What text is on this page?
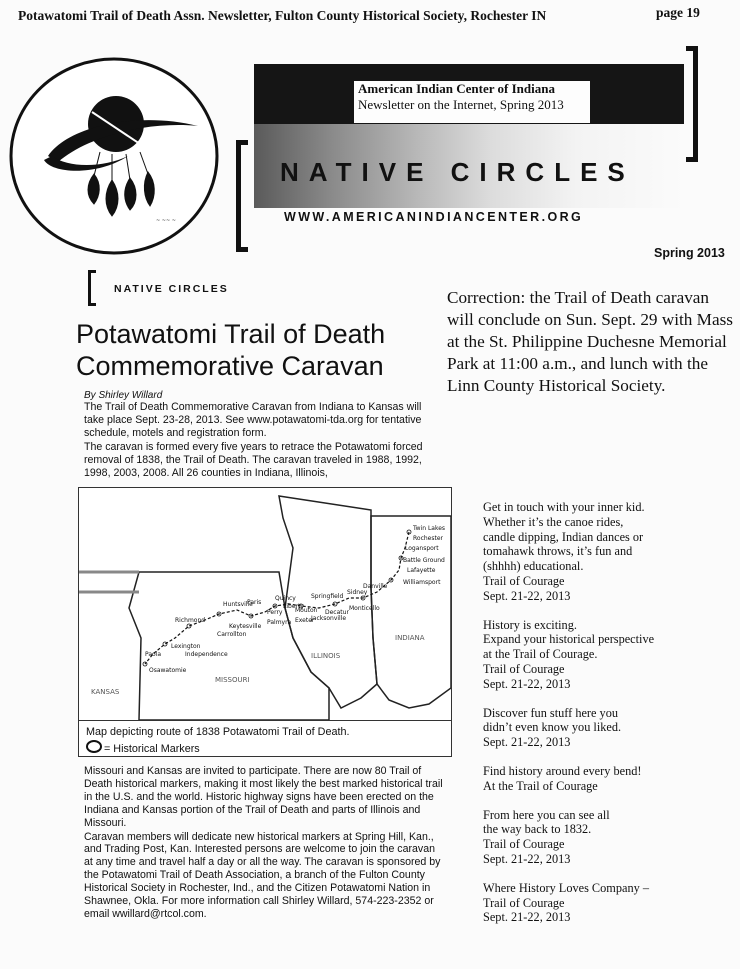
Potawatomi Trail of Death Assn. Newsletter, Fulton County Historical Society, Rochester IN	page 19
~ ~~ ~
American Indian Center of Indiana
Newsletter on the Internet, Spring 2013
NATIVE CIRCLES
WWW.AMERICANINDIANCENTER.ORG
Spring 2013
NATIVE CIRCLES
Potawatomi Trail of Death
Commemorative Caravan
By Shirley Willard

The Trail of Death Commemorative Caravan from Indiana to Kansas will take place Sept. 23-28, 2013. See www.potawatomi-tda.org for tentative schedule, motels and registration form.

The caravan is formed every five years to retrace the Potawatomi forced removal of 1838, the Trail of Death. The caravan traveled in 1988, 1992, 1998, 2003, 2008. All 26 counties in Indiana, Illinois,

Twin Lakes
Rochester
Logansport
Battle Ground
Lafayette
Williamsport
Danville
Sidney
Springfield
Monticello
Decatur
Jacksonville
Quincy
Liberty
Mouton
Perry
Exeter
Paris
Huntsville
Palmyra
Keytesville
Carrollton
Richmond
Lexington
Independence
Paola
Osawatomie
INDIANA
ILLINOIS
MISSOURI
KANSAS
Map depicting route of 1838 Potawatomi Trail of Death.
= Historical Markers

Missouri and Kansas are invited to participate. There are now 80 Trail of Death historical markers, making it most likely the best marked historical trail in the U.S. and the world. Historic highway signs have been erected on the Indiana and Kansas portion of the Trail of Death and parts of Illinois and Missouri.

Caravan members will dedicate new historical markers at Spring Hill, Kan., and Trading Post, Kan. Interested persons are welcome to join the caravan at any time and travel half a day or all the way. The caravan is sponsored by the Potawatomi Trail of Death Association, a branch of the Fulton County Historical Society in Rochester, Ind., and the Citizen Potawatomi Nation in Shawnee, Okla. For more information call Shirley Willard, 574-223-2352 or email wwillard@rtcol.com.

Correction: the Trail of Death caravan will conclude on Sun. Sept. 29 with Mass at the St. Philippine Duchesne Memorial Park at 11:00 a.m., and lunch with the Linn County Historical Society.
Get in touch with your inner kid.
Whether it’s the canoe rides,
candle dipping, Indian dances or
tomahawk throws, it’s fun and
(shhhh) educational.
Trail of Courage
Sept. 21-22, 2013
History is exciting.
Expand your historical perspective
at the Trail of Courage.
Trail of Courage
Sept. 21-22, 2013
Discover fun stuff here you
didn’t even know you liked.
Sept. 21-22, 2013
Find history around every bend!
At the Trail of Courage
From here you can see all
the way back to 1832.
Trail of Courage
Sept. 21-22, 2013
Where History Loves Company –
Trail of Courage
Sept. 21-22, 2013
